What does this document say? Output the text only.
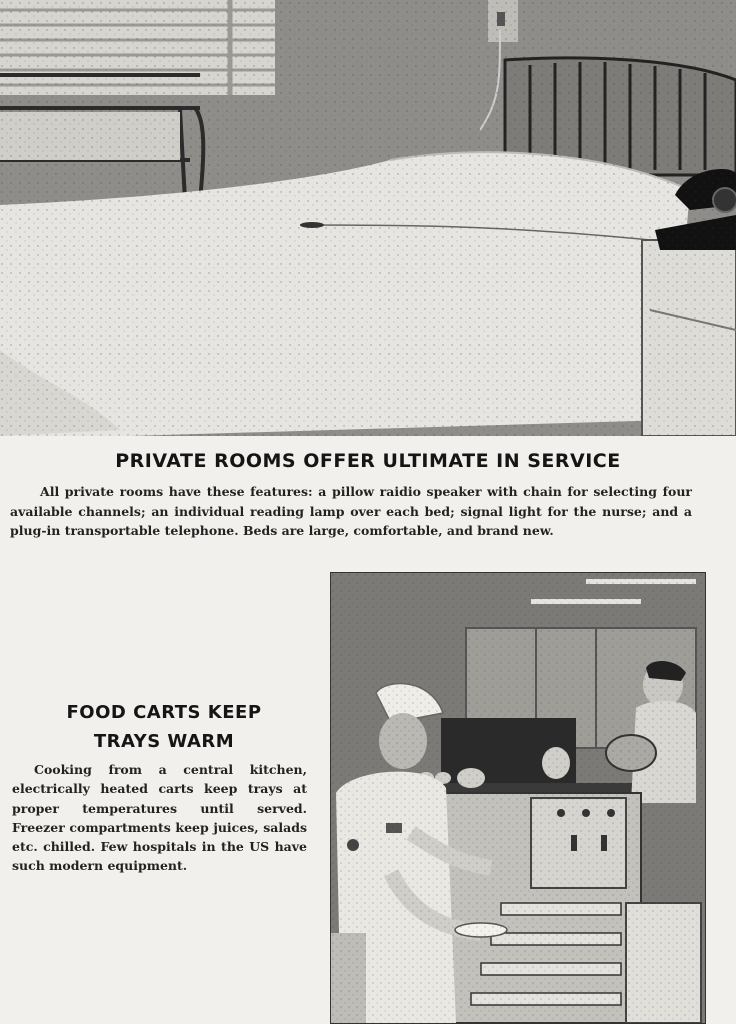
PRIVATE ROOMS OFFER ULTIMATE IN SERVICE

All private rooms have these features: a pillow raidio speaker with chain for selecting four available channels; an individual reading lamp over each bed; signal light for the nurse; and a plug-in transportable telephone. Beds are large, comfortable, and brand new.

FOOD CARTS KEEP TRAYS WARM

Cooking from a central kitchen, electrically heated carts keep trays at proper temperatures until served. Freezer compartments keep juices, salads etc. chilled. Few hospitals in the US have such modern equipment.
